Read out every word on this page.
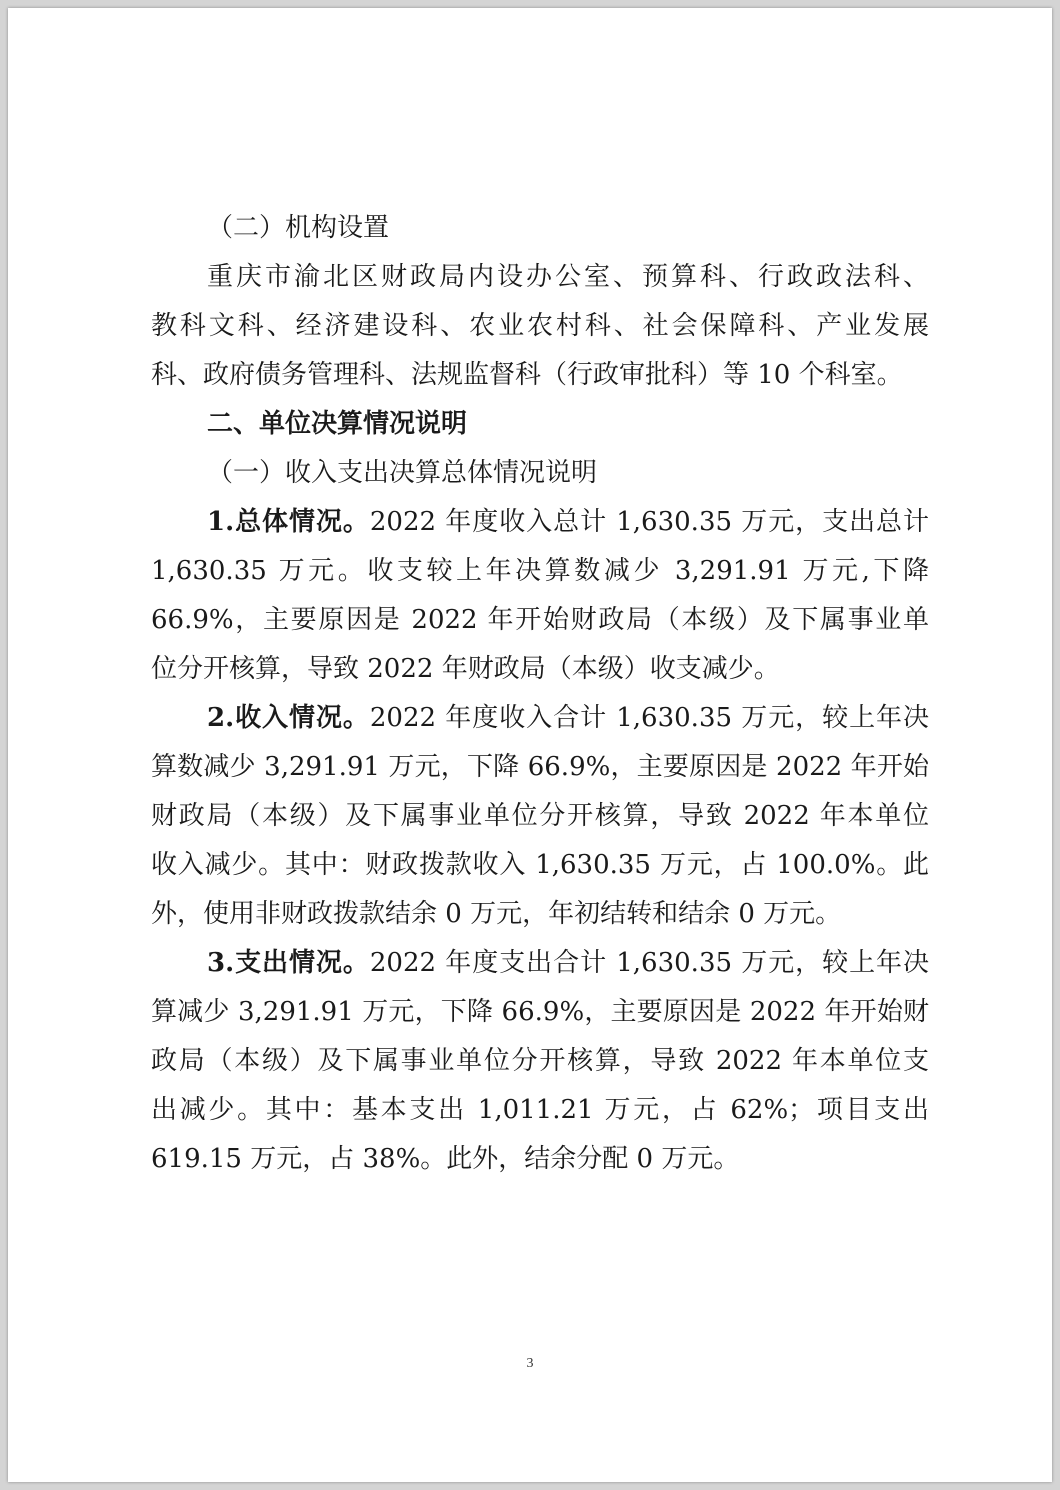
（二）机构设置
重庆市渝北区财政局内设办公室、预算科、行政政法科、
教科文科、经济建设科、农业农村科、社会保障科、产业发展
科、政府债务管理科、法规监督科（行政审批科）等 10 个科室。
二、单位决算情况说明
（一）收入支出决算总体情况说明
1.总体情况。2022 年度收入总计 1,630.35 万元，支出总计
1,630.35 万元。收支较上年决算数减少 3,291.91 万元,下降
66.9%，主要原因是 2022 年开始财政局（本级）及下属事业单
位分开核算，导致 2022 年财政局（本级）收支减少。
2.收入情况。2022 年度收入合计 1,630.35 万元，较上年决
算数减少 3,291.91 万元，下降 66.9%，主要原因是 2022 年开始
财政局（本级）及下属事业单位分开核算，导致 2022 年本单位
收入减少。其中：财政拨款收入 1,630.35 万元，占 100.0%。此
外，使用非财政拨款结余 0 万元，年初结转和结余 0 万元。
3.支出情况。2022 年度支出合计 1,630.35 万元，较上年决
算减少 3,291.91 万元，下降 66.9%，主要原因是 2022 年开始财
政局（本级）及下属事业单位分开核算，导致 2022 年本单位支
出减少。其中：基本支出 1,011.21 万元，占 62%；项目支出
619.15 万元，占 38%。此外，结余分配 0 万元。
3
